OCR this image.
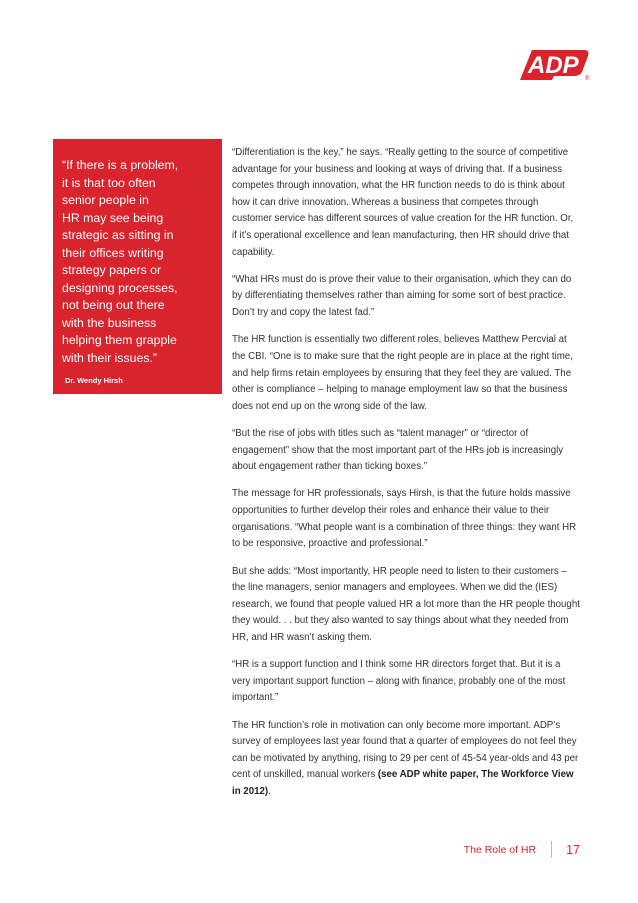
ADP ®

“If there is a problem,
it is that too often
senior people in
HR may see being
strategic as sitting in
their offices writing
strategy papers or
designing processes,
not being out there
with the business
helping them grapple
with their issues.”

Dr. Wendy Hirsh

“Differentiation is the key,” he says. “Really getting to the source of competitive advantage for your business and looking at ways of driving that. If a business competes through innovation, what the HR function needs to do is think about how it can drive innovation. Whereas a business that competes through customer service has different sources of value creation for the HR function. Or, if it’s operational excellence and lean manufacturing, then HR should drive that capability.

“What HRs must do is prove their value to their organisation, which they can do by differentiating themselves rather than aiming for some sort of best practice. Don’t try and copy the latest fad.”

The HR function is essentially two different roles, believes Matthew Percvial at the CBI. “One is to make sure that the right people are in place at the right time, and help firms retain employees by ensuring that they feel they are valued. The other is compliance – helping to manage employment law so that the business does not end up on the wrong side of the law.

“But the rise of jobs with titles such as “talent manager” or “director of engagement” show that the most important part of the HRs job is increasingly about engagement rather than ticking boxes.”

The message for HR professionals, says Hirsh, is that the future holds massive opportunities to further develop their roles and enhance their value to their organisations. “What people want is a combination of three things: they want HR to be responsive, proactive and professional.”

But she adds: “Most importantly, HR people need to listen to their customers – the line managers, senior managers and employees. When we did the (IES) research, we found that people valued HR a lot more than the HR people thought they would. . . but they also wanted to say things about what they needed from HR, and HR wasn’t asking them.

“HR is a support function and I think some HR directors forget that. But it is a very important support function – along with finance, probably one of the most important.”

The HR function’s role in motivation can only become more important. ADP’s survey of employees last year found that a quarter of employees do not feel they can be motivated by anything, rising to 29 per cent of 45-54 year-olds and 43 per cent of unskilled, manual workers (see ADP white paper, The Workforce View in 2012).

The Role of HR 17
